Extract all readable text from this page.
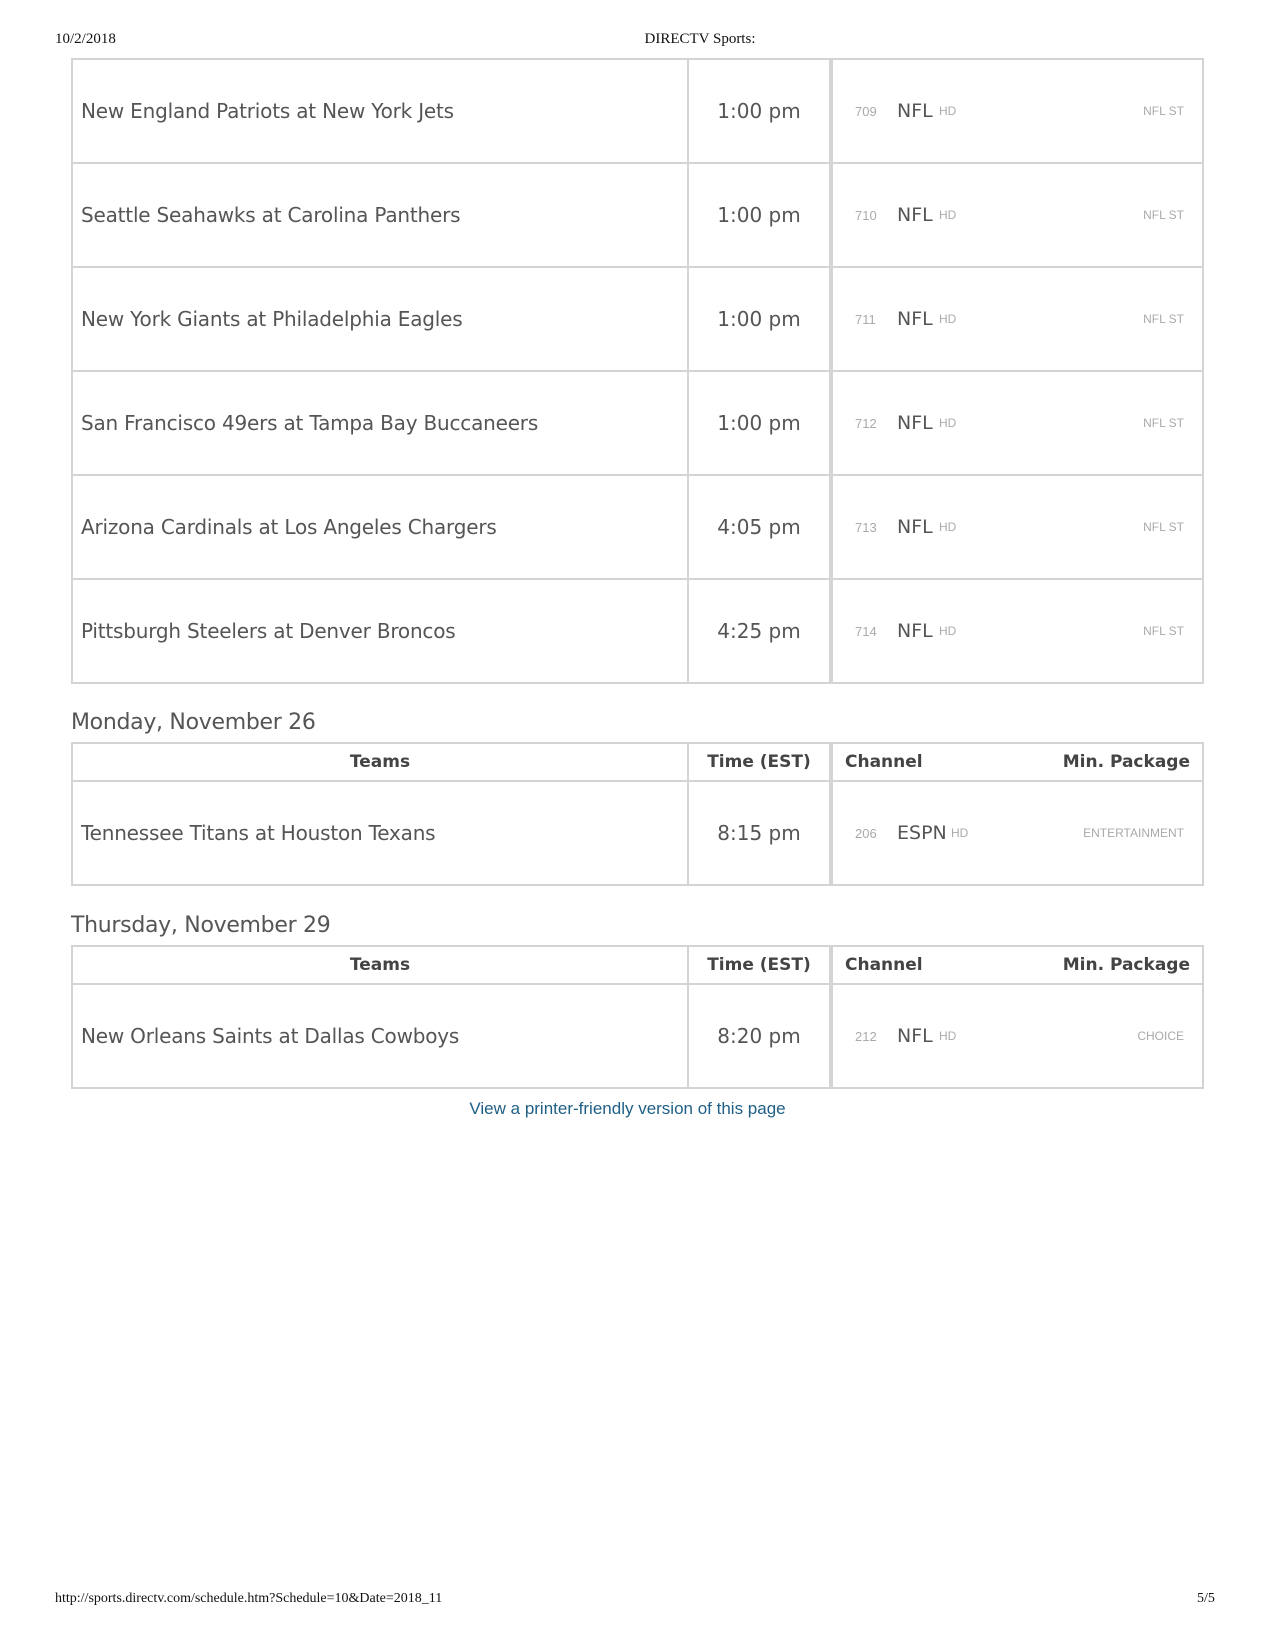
10/2/2018	DIRECTV Sports:
New England Patriots at New York Jets	1:00 pm	709 NFL HD NFL ST

Seattle Seahawks at Carolina Panthers	1:00 pm	710 NFL HD NFL ST

New York Giants at Philadelphia Eagles	1:00 pm	711 NFL HD NFL ST

San Francisco 49ers at Tampa Bay Buccaneers	1:00 pm	712 NFL HD NFL ST

Arizona Cardinals at Los Angeles Chargers	4:05 pm	713 NFL HD NFL ST

Pittsburgh Steelers at Denver Broncos	4:25 pm	714 NFL HD NFL ST
Monday, November 26
Teams	Time (EST)	Channel Min. Package

Tennessee Titans at Houston Texans	8:15 pm	206 ESPN HD ENTERTAINMENT
Thursday, November 29
Teams	Time (EST)	Channel Min. Package

New Orleans Saints at Dallas Cowboys	8:20 pm	212 NFL HD CHOICE
View a printer-friendly version of this page
http://sports.directv.com/schedule.htm?Schedule=10&Date=2018_11	5/5
